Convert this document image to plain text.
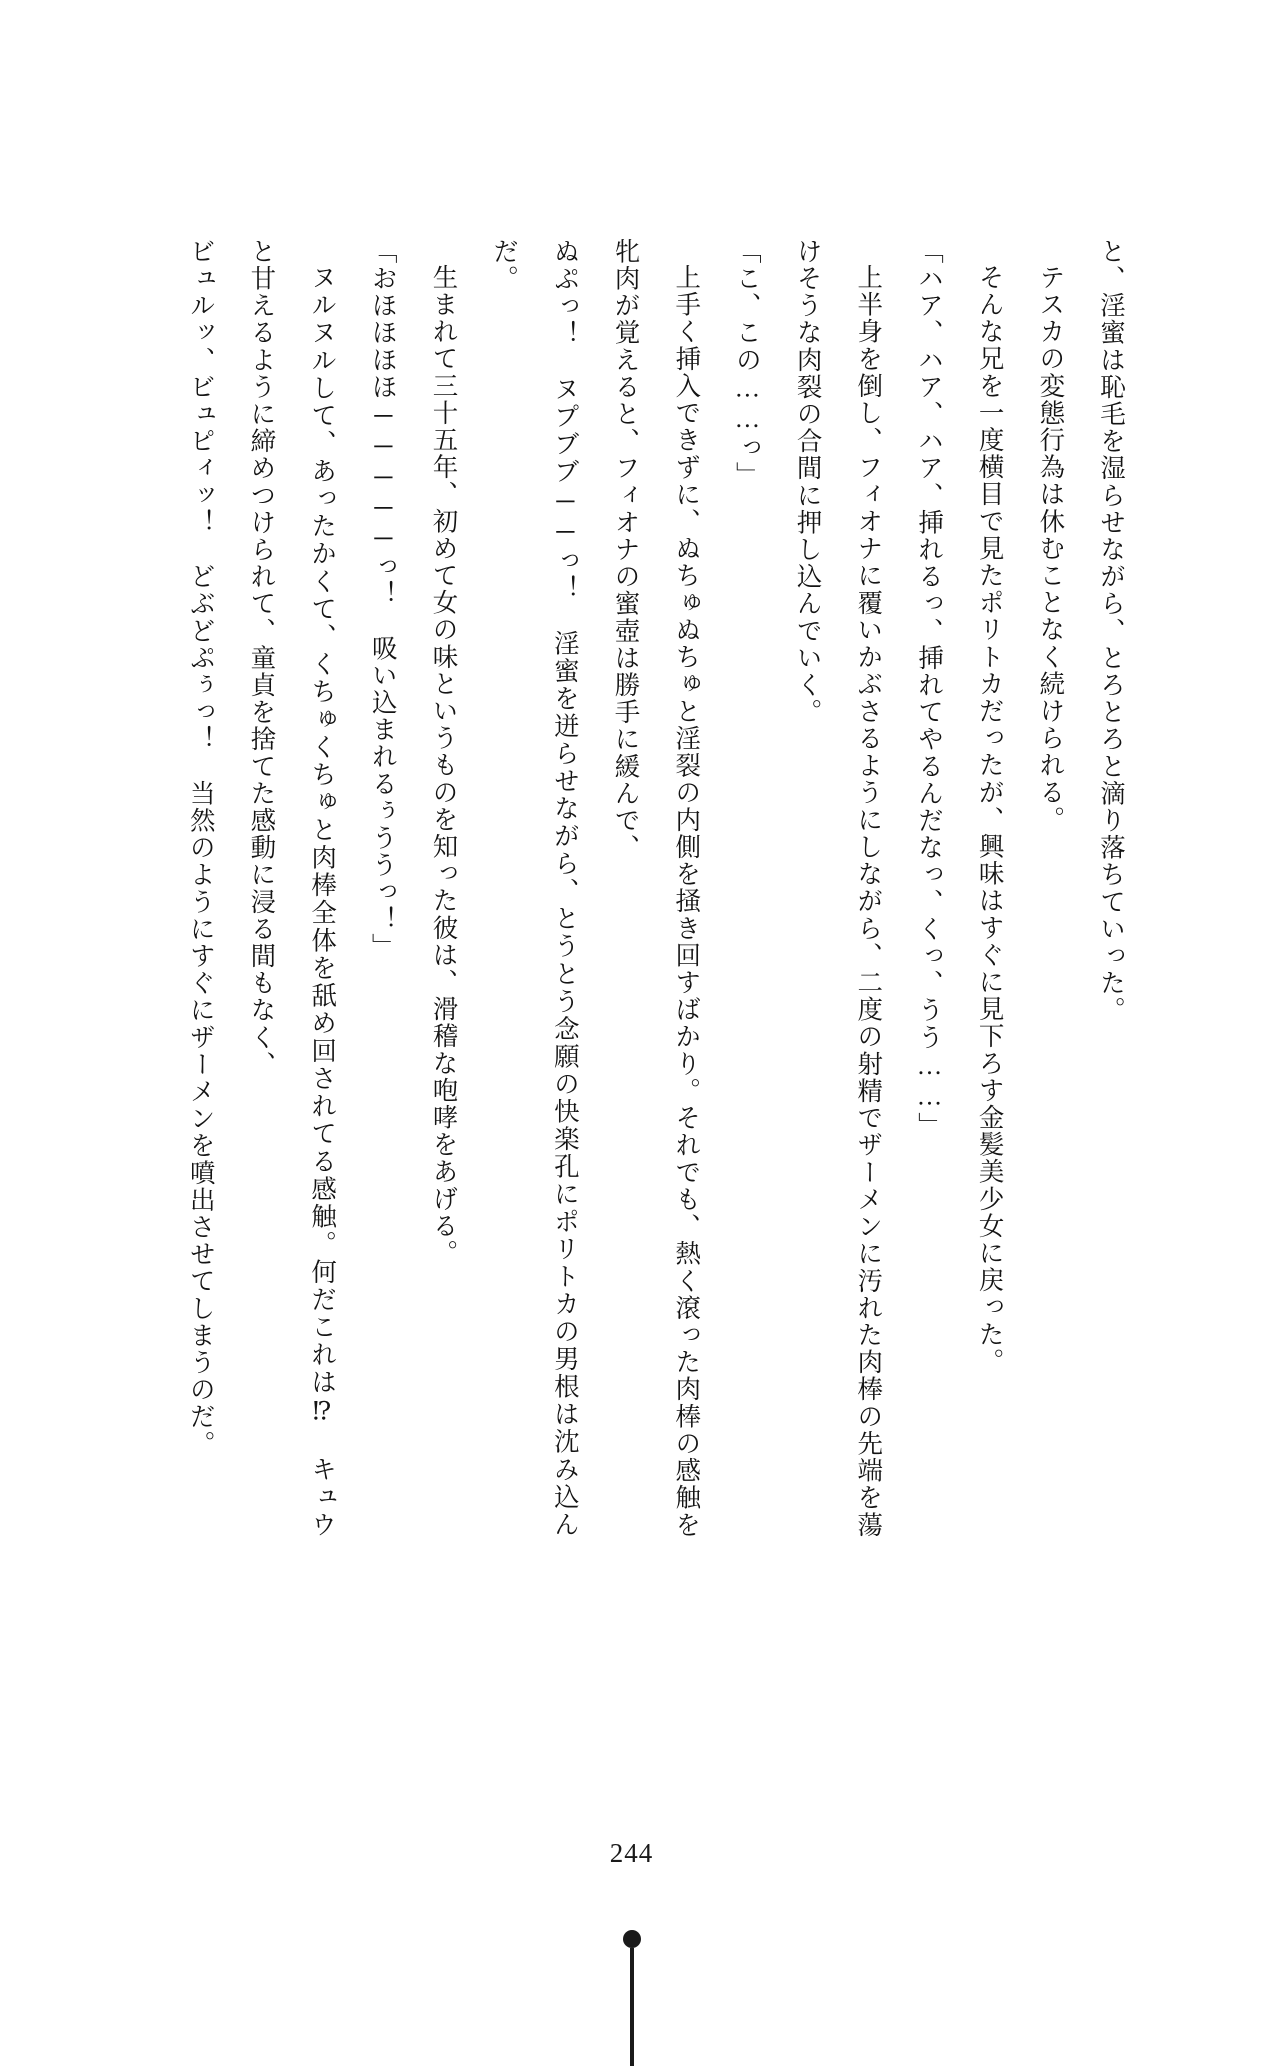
と、淫蜜は恥毛を湿らせながら、とろとろと滴り落ちていった。

テスカの変態行為は休むことなく続けられる。

そんな兄を一度横目で見たポリトカだったが、興味はすぐに見下ろす金髪美少女に戻った。

「ハア、ハア、ハア、挿れるっ、挿れてやるんだなっ、くっ、うう……」

上半身を倒し、フィオナに覆いかぶさるようにしながら、二度の射精でザーメンに汚れた肉棒の先端を蕩けそうな肉裂の合間に押し込んでいく。

「こ、この……っ」

上手く挿入できずに、ぬちゅぬちゅと淫裂の内側を掻き回すばかり。それでも、熱く滾った肉棒の感触を牝肉が覚えると、フィオナの蜜壺は勝手に緩んで、

ぬぷっ！　ヌプブブ──っ！　淫蜜を迸らせながら、とうとう念願の快楽孔にポリトカの男根は沈み込んだ。

生まれて三十五年、初めて女の味というものを知った彼は、滑稽な咆哮をあげる。

「おほほほほ─────っ！　吸い込まれるぅううっ！」

ヌルヌルして、あったかくて、くちゅくちゅと肉棒全体を舐め回されてる感触。何だこれは⁉　キュウと甘えるように締めつけられて、童貞を捨てた感動に浸る間もなく、

ビュルッ、ビュピィッ！　どぶどぷぅっ！　当然のようにすぐにザーメンを噴出させてしまうのだ。

244
